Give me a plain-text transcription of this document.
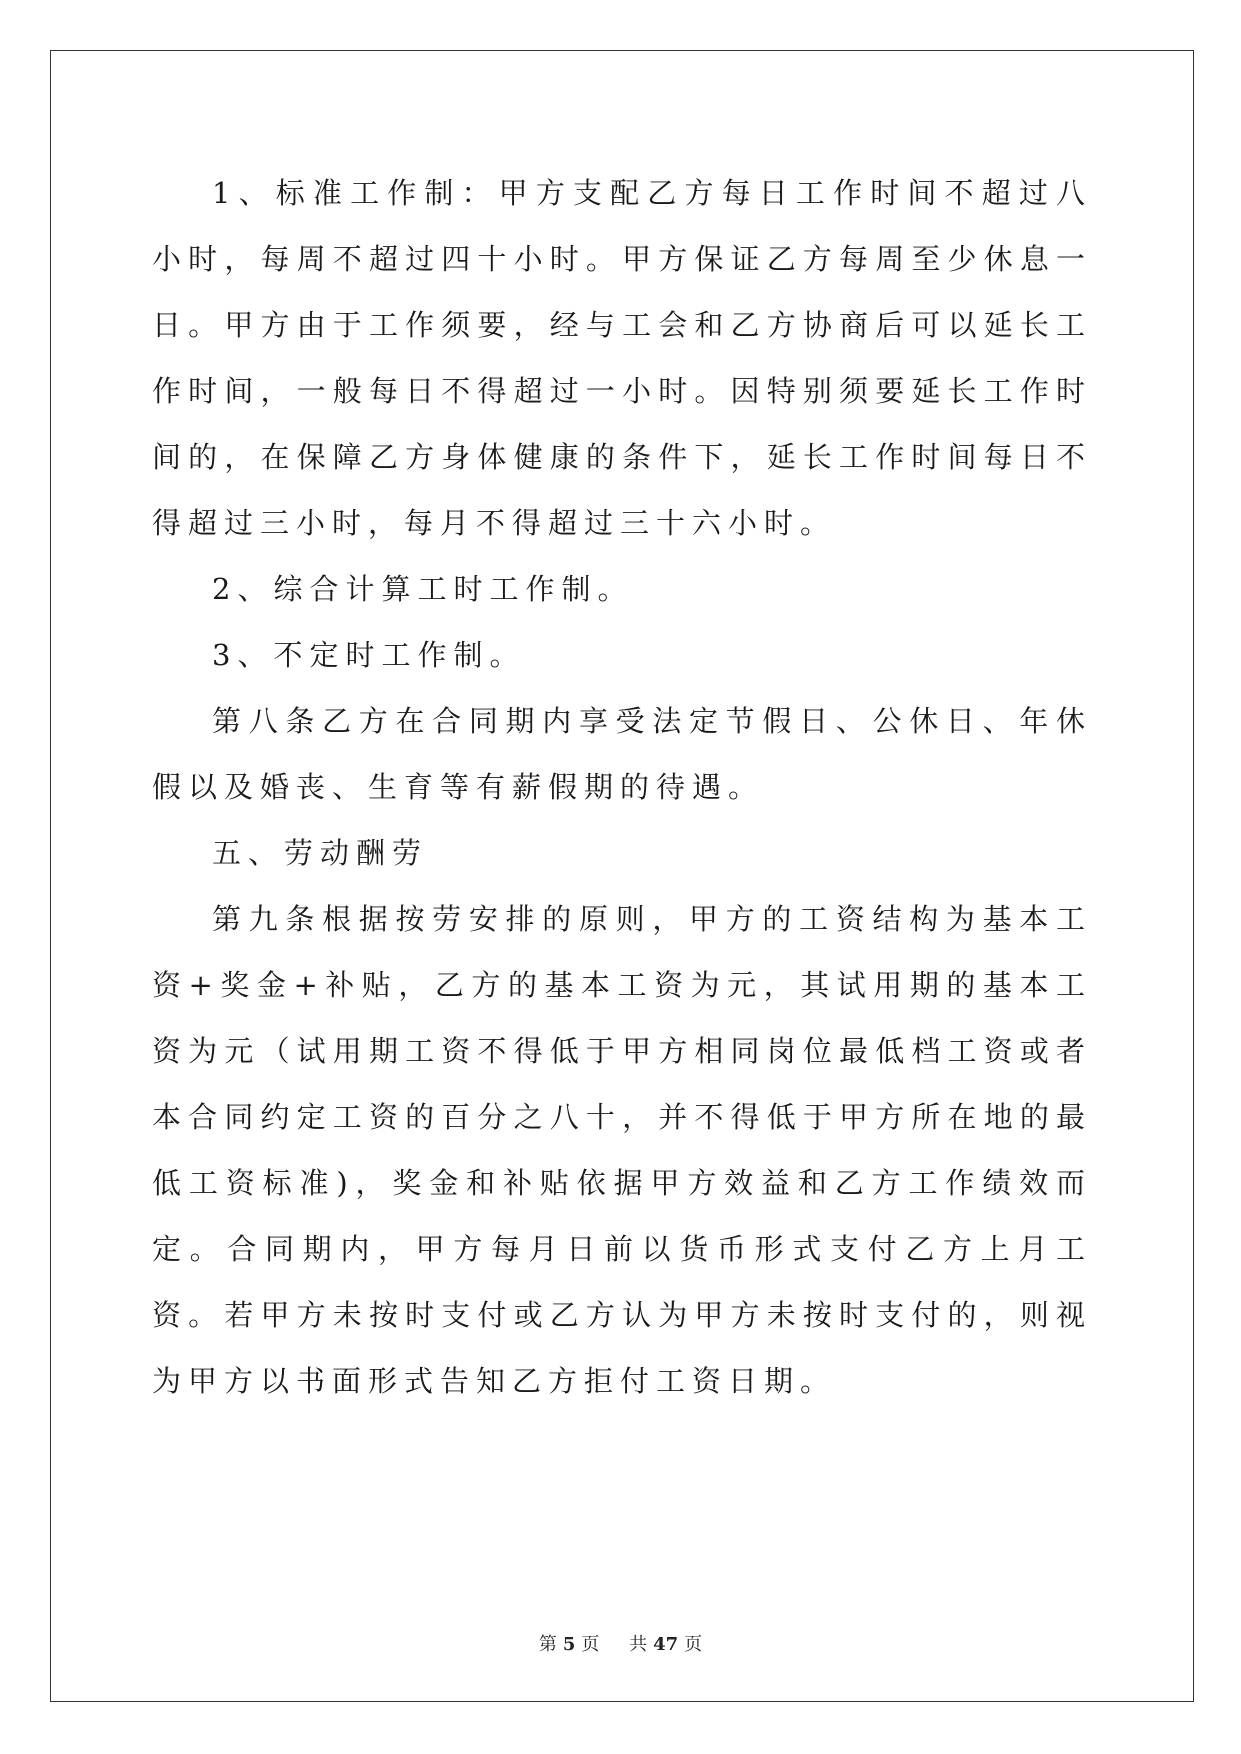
1、标准工作制：甲方支配乙方每日工作时间不超过八小时，每周不超过四十小时。甲方保证乙方每周至少休息一日。甲方由于工作须要，经与工会和乙方协商后可以延长工作时间，一般每日不得超过一小时。因特别须要延长工作时间的，在保障乙方身体健康的条件下，延长工作时间每日不得超过三小时，每月不得超过三十六小时。

2、综合计算工时工作制。

3、不定时工作制。

第八条乙方在合同期内享受法定节假日、公休日、年休假以及婚丧、生育等有薪假期的待遇。

五、劳动酬劳

第九条根据按劳安排的原则，甲方的工资结构为基本工资+奖金+补贴，乙方的基本工资为元，其试用期的基本工资为元（试用期工资不得低于甲方相同岗位最低档工资或者本合同约定工资的百分之八十，并不得低于甲方所在地的最低工资标准)，奖金和补贴依据甲方效益和乙方工作绩效而定。合同期内，甲方每月日前以货币形式支付乙方上月工资。若甲方未按时支付或乙方认为甲方未按时支付的，则视为甲方以书面形式告知乙方拒付工资日期。

第 5 页 共 47 页
